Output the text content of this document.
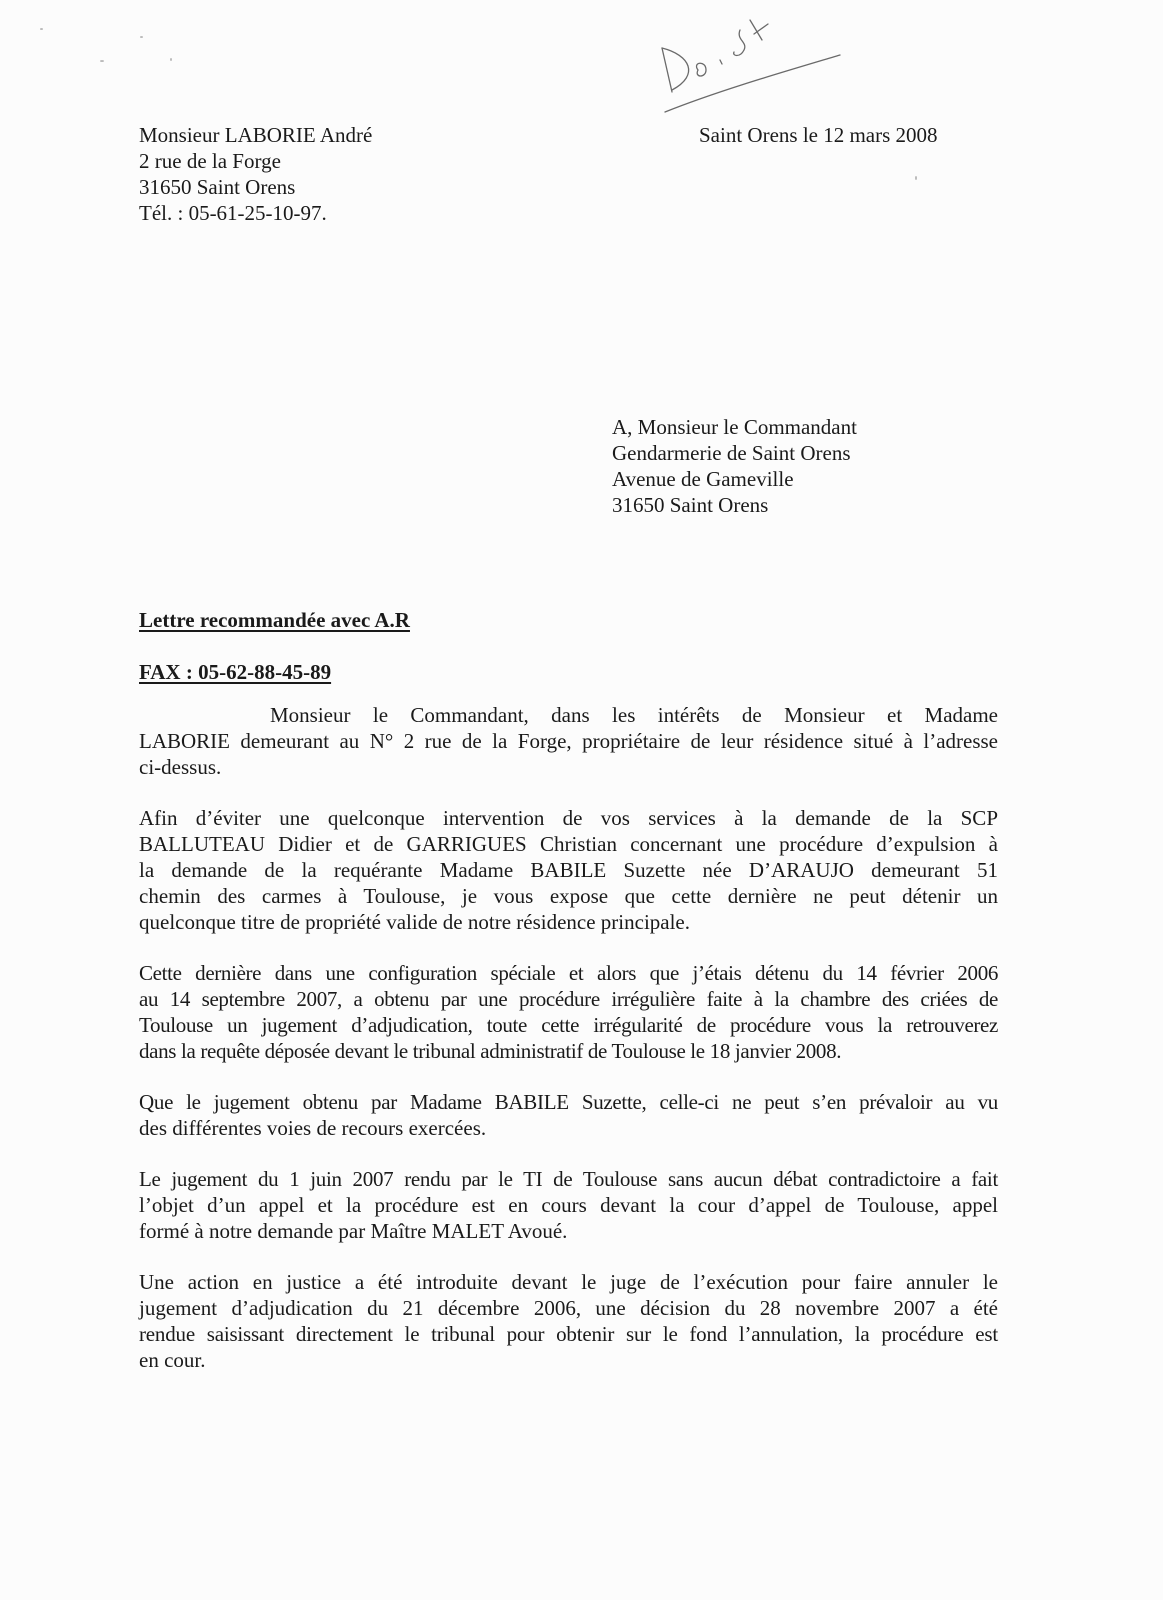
Monsieur LABORIE André
2 rue de la Forge
31650 Saint Orens
Tél. : 05-61-25-10-97.
Saint Orens le 12 mars 2008
A, Monsieur le Commandant
Gendarmerie de Saint Orens
Avenue de Gameville
31650 Saint Orens
Lettre recommandée avec A.R
FAX : 05-62-88-45-89
Monsieur le Commandant, dans les intérêts de Monsieur et Madame
LABORIE demeurant au N° 2 rue de la Forge, propriétaire de leur résidence situé à l’adresse
ci-dessus.
Afin d’éviter une quelconque intervention de vos services à la demande de la SCP
BALLUTEAU Didier et de GARRIGUES Christian concernant une procédure d’expulsion à
la demande de la requérante Madame BABILE Suzette née D’ARAUJO demeurant 51
chemin des carmes à Toulouse, je vous expose que cette dernière ne peut détenir un
quelconque titre de propriété valide de notre résidence principale.
Cette dernière dans une configuration spéciale et alors que j’étais détenu du 14 février 2006
au 14 septembre 2007, a obtenu par une procédure irrégulière faite à la chambre des criées de
Toulouse un jugement d’adjudication, toute cette irrégularité de procédure vous la retrouverez
dans la requête déposée devant le tribunal administratif de Toulouse le 18 janvier 2008.
Que le jugement obtenu par Madame BABILE Suzette, celle-ci ne peut s’en prévaloir au vu
des différentes voies de recours exercées.
Le jugement du 1 juin 2007 rendu par le TI de Toulouse sans aucun débat contradictoire a fait
l’objet d’un appel et la procédure est en cours devant la cour d’appel de Toulouse, appel
formé à notre demande par Maître MALET Avoué.
Une action en justice a été introduite devant le juge de l’exécution pour faire annuler le
jugement d’adjudication du 21 décembre 2006, une décision du 28 novembre 2007 a été
rendue saisissant directement le tribunal pour obtenir sur le fond l’annulation, la procédure est
en cour.
